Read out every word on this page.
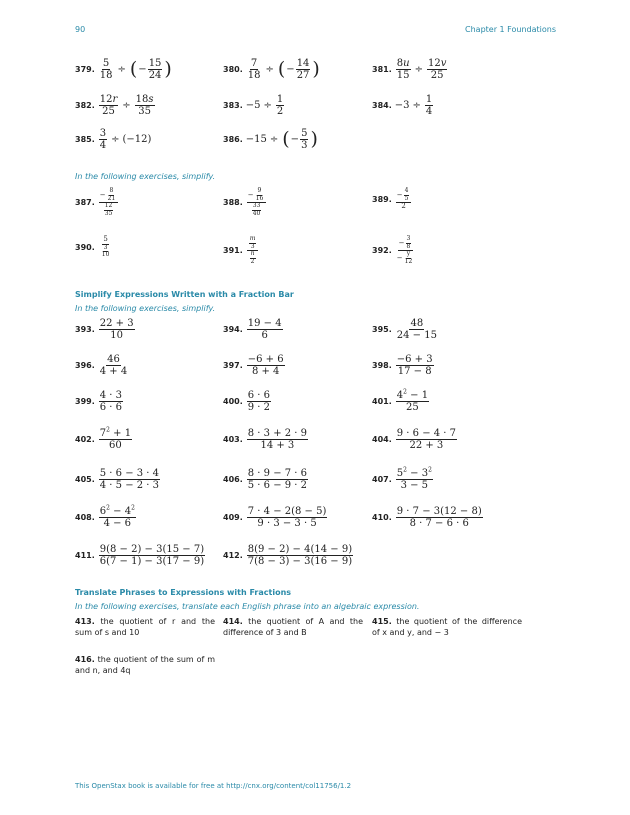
90	Chapter 1 Foundations
379. $\frac{5}{18}$ ÷ ( − $\frac{15}{24}$ )	380. $\frac{7}{18}$ ÷ ( − $\frac{14}{27}$ )	381. $\frac{8u}{15} \div \frac{12v}{25}$
382. $\frac{12r}{25} \div \frac{18s}{35}$	383. $-5 \div \frac{1}{2}$	384. $-3 \div \frac{1}{4}$
385. $\frac{3}{4} \div (-12)$	386. −15 ÷ ( − $\frac{5}{3}$ )
In the following exercises, simplify.
387. $\frac{- \frac{8}{21}}{\frac{12}{35}}$	388. $\frac{- \frac{9}{16}}{\frac{33}{40}}$	389. $\frac{- \frac{4}{5}}{2}$
390. $\frac{5}{\frac{3}{10}}$	391. $\frac{\frac{m}{3}}{\frac{n}{2}}$	392. $\frac{- \frac{3}{8}}{- \frac{y}{12}}$
Simplify Expressions Written with a Fraction Bar
In the following exercises, simplify.
393. $\frac{22 + 3}{10}$	394. $\frac{19 - 4}{6}$	395. $\frac{48}{24 - 15}$
396. $\frac{46}{4 + 4}$	397. $\frac{-6 + 6}{8 + 4}$	398. $\frac{-6 + 3}{17 - 8}$
399. $\frac{4 \cdot 3}{6 \cdot 6}$	400. $\frac{6 \cdot 6}{9 \cdot 2}$	401. $\frac{4^2 - 1}{25}$
402. $\frac{7^2 + 1}{60}$	403. $\frac{8 \cdot 3 + 2 \cdot 9}{14 + 3}$	404. $\frac{9 \cdot 6 - 4 \cdot 7}{22 + 3}$
405. $\frac{5 \cdot 6 - 3 \cdot 4}{4 \cdot 5 - 2 \cdot 3}$	406. $\frac{8 \cdot 9 - 7 \cdot 6}{5 \cdot 6 - 9 \cdot 2}$	407. $\frac{5^2 - 3^2}{3 - 5}$
408. $\frac{6^2 - 4^2}{4 - 6}$	409. $\frac{7 \cdot 4 - 2(8 - 5)}{9 \cdot 3 - 3 \cdot 5}$	410. $\frac{9 \cdot 7 - 3(12 - 8)}{8 \cdot 7 - 6 \cdot 6}$
411. $\frac{9(8 - 2) - 3(15 - 7)}{6(7 - 1) - 3(17 - 9)} 412$. $\frac{8(9 - 2) - 4(14 - 9)}{7(8 - 3) - 3(16 - 9)}$
Translate Phrases to Expressions with Fractions
In the following exercises, translate each English phrase into an algebraic expression.
413. the quotient of r and the sum of s and 10
414. the quotient of A and the difference of 3 and B
415. the quotient of the difference of x and y, and − 3
416. the quotient of the sum of m and n, and 4q
This OpenStax book is available for free at http://cnx.org/content/col11756/1.2
